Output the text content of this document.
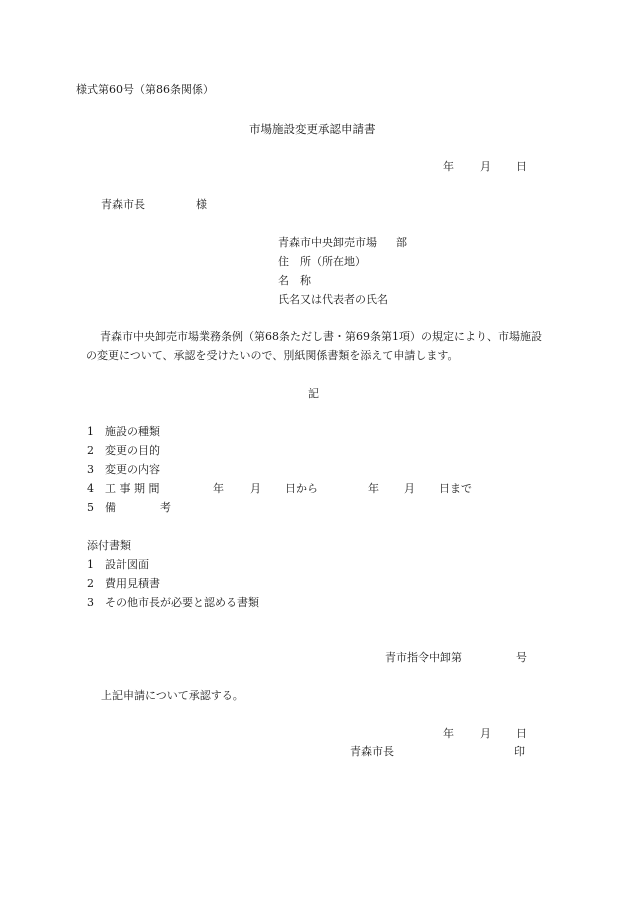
様式第60号（第86条関係）
市場施設変更承認申請書
年 月 日
青森市長	様
青森市中央卸売市場 部
住　所（所在地）
名　称
氏名又は代表者の氏名
青森市中央卸売市場業務条例（第68条ただし書・第69条第1項）の規定により、市場施設の変更について、承認を受けたいので、別紙関係書類を添えて申請します。
記
1 施設の種類
2 変更の目的
3 変更の内容
4 工 事 期 間	年 月 日から	年 月 日まで
5 備　　　　考
添付書類
1 設計図面
2 費用見積書
3 その他市長が必要と認める書類
青市指令中卸第	号
上記申請について承認する。
年 月 日
青森市長	印
